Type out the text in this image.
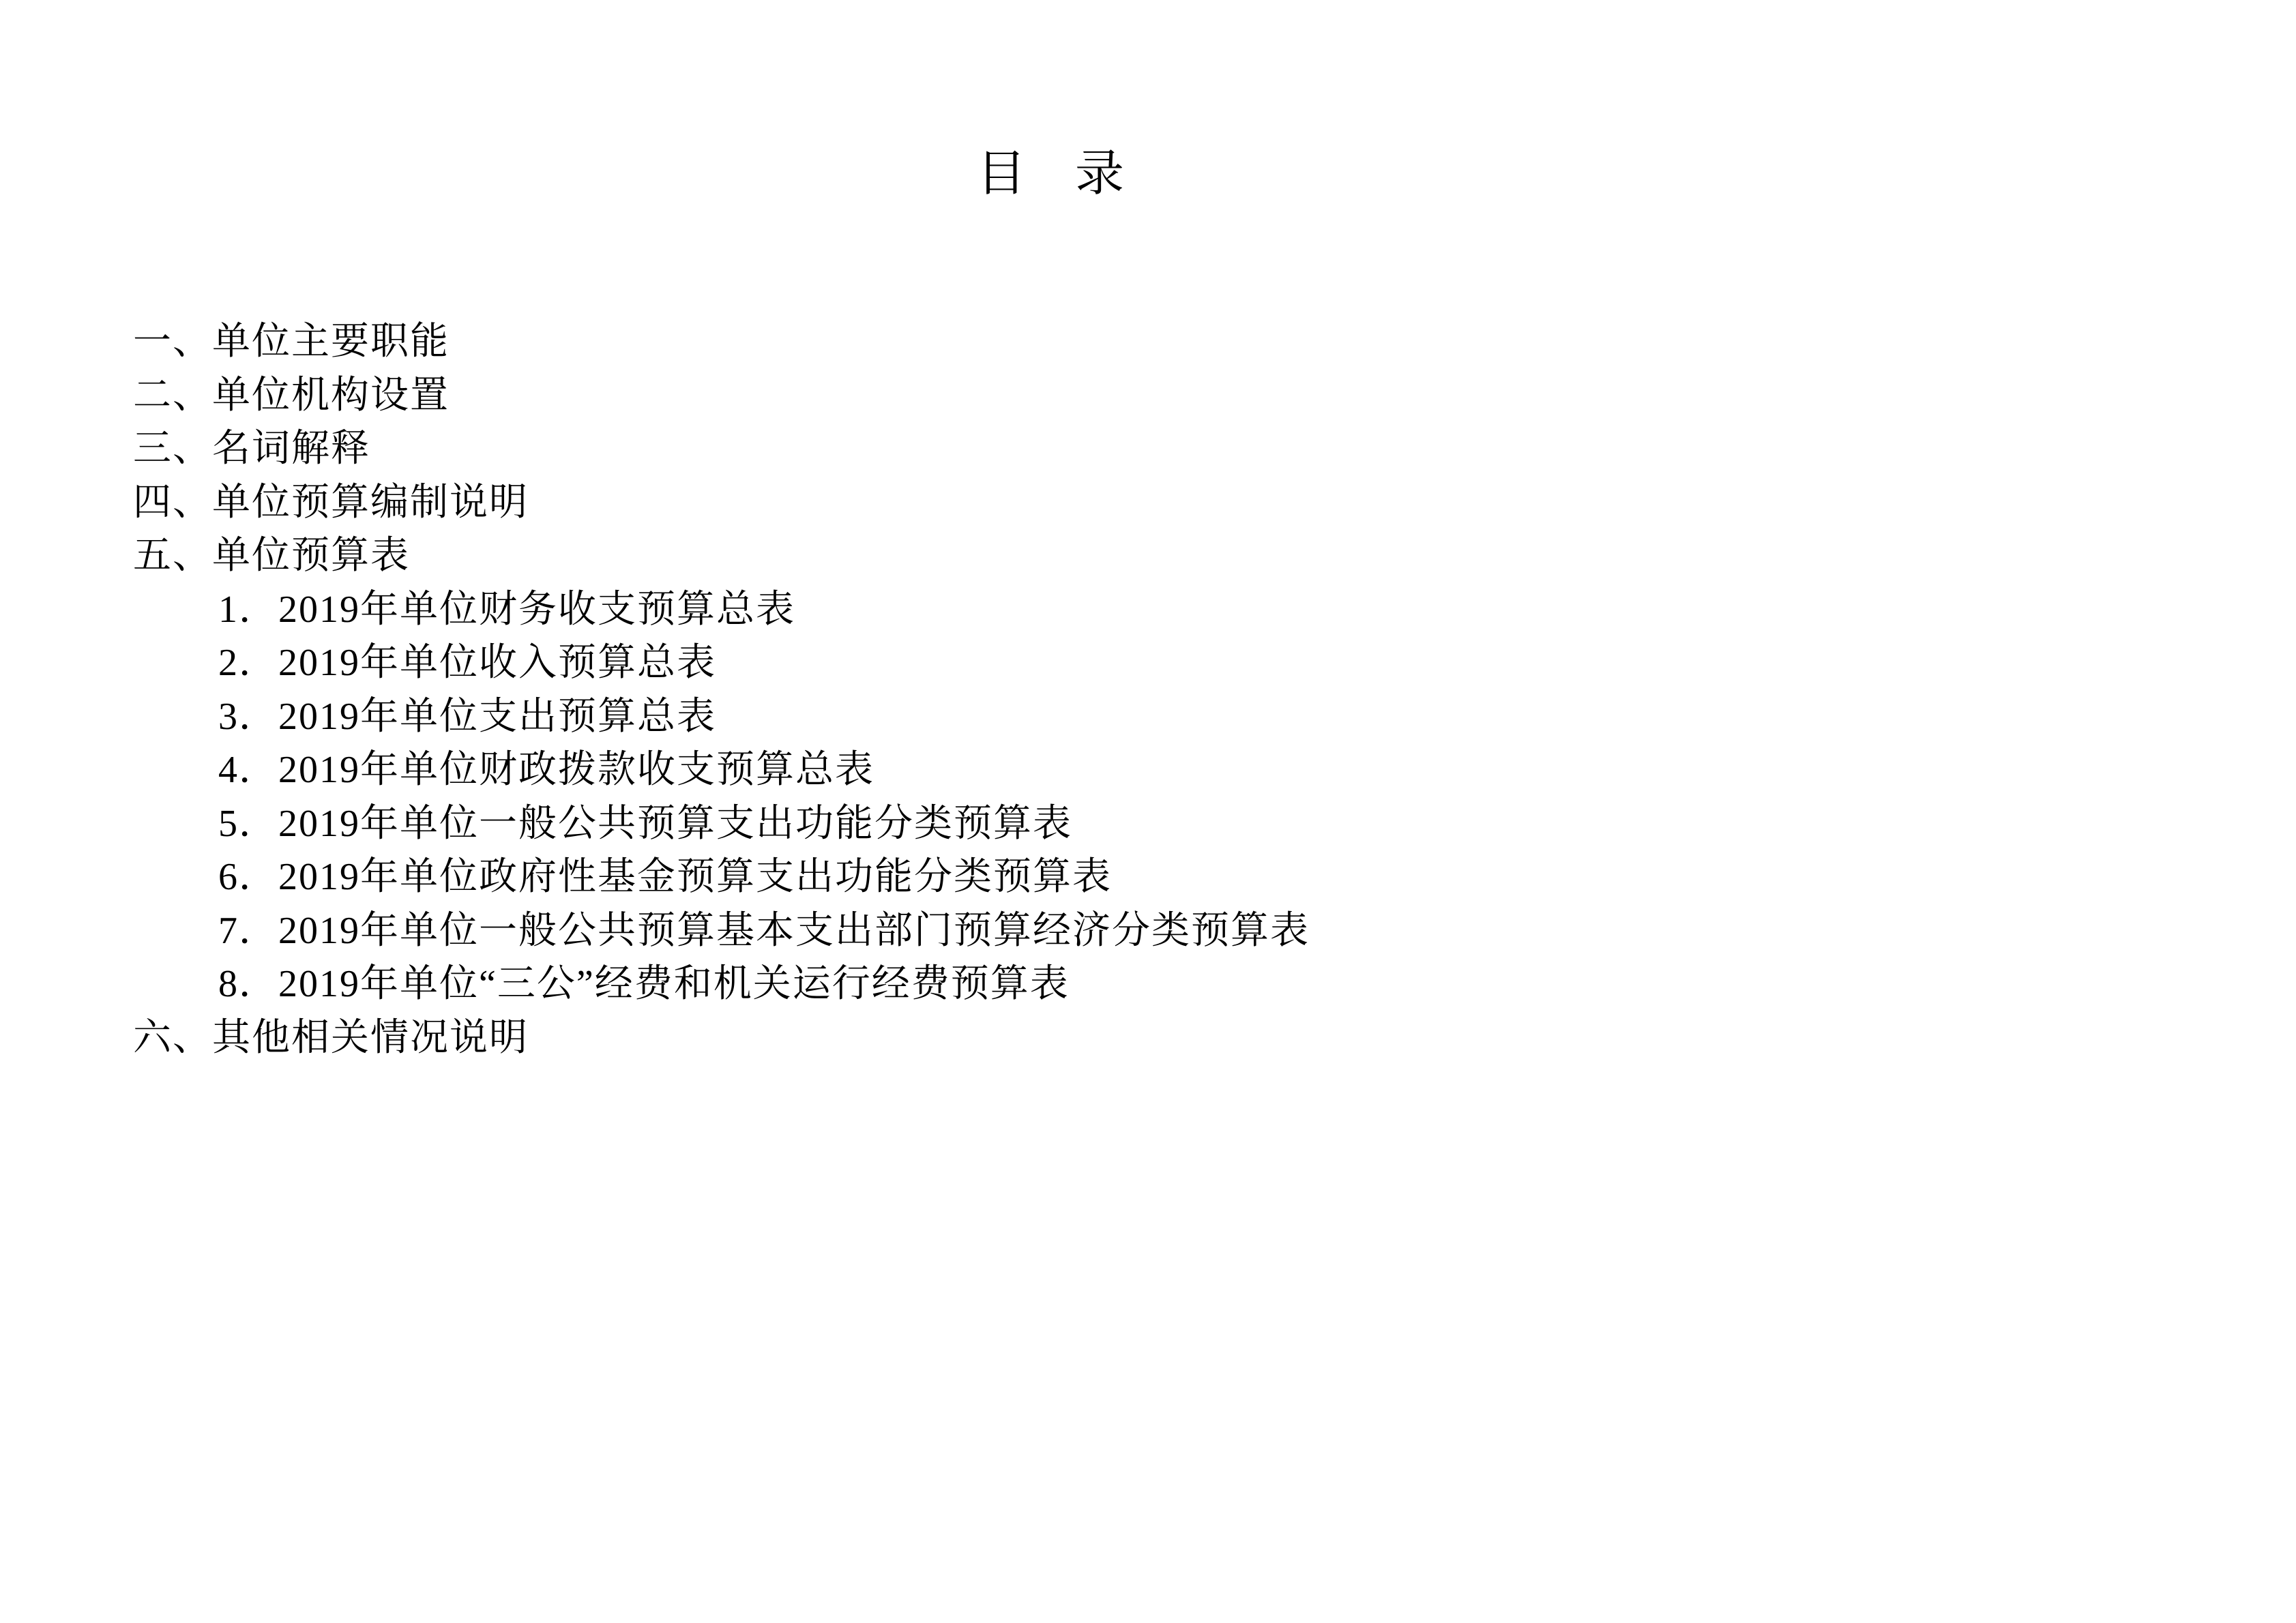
目　录
一、单位主要职能
二、单位机构设置
三、名词解释
四、单位预算编制说明
五、单位预算表
1．2019年单位财务收支预算总表
2．2019年单位收入预算总表
3．2019年单位支出预算总表
4．2019年单位财政拨款收支预算总表
5．2019年单位一般公共预算支出功能分类预算表
6．2019年单位政府性基金预算支出功能分类预算表
7．2019年单位一般公共预算基本支出部门预算经济分类预算表
8．2019年单位“三公”经费和机关运行经费预算表
六、其他相关情况说明
